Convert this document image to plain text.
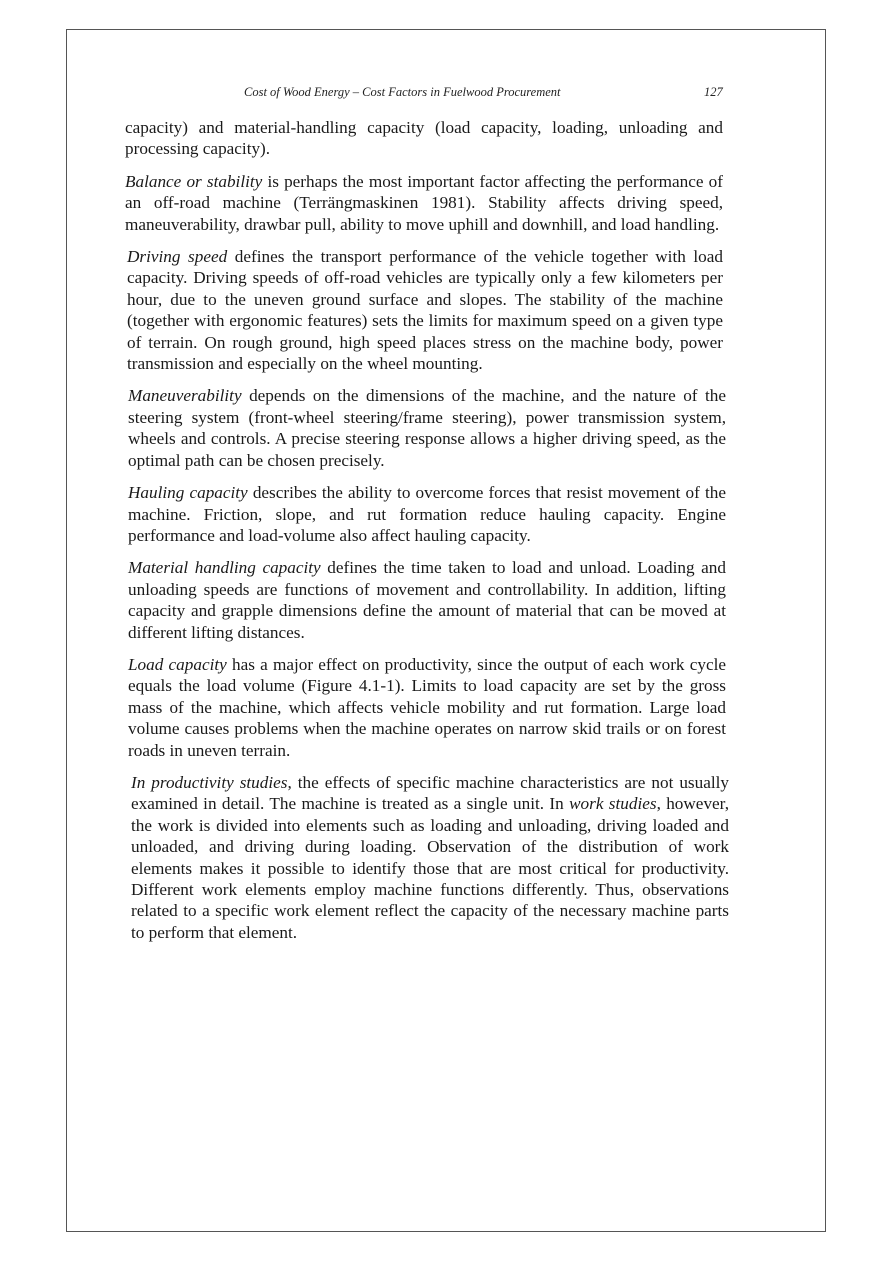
Cost of Wood Energy – Cost Factors in Fuelwood Procurement	127

capacity) and material-handling capacity (load capacity, loading, unloading and processing capacity).

Balance or stability is perhaps the most important factor affecting the performance of an off-road machine (Terrängmaskinen 1981). Stability affects driving speed, maneuverability, drawbar pull, ability to move uphill and downhill, and load handling.

Driving speed defines the transport performance of the vehicle together with load capacity. Driving speeds of off-road vehicles are typically only a few kilometers per hour, due to the uneven ground surface and slopes. The stability of the machine (together with ergonomic features) sets the limits for maximum speed on a given type of terrain. On rough ground, high speed places stress on the machine body, power transmission and especially on the wheel mounting.

Maneuverability depends on the dimensions of the machine, and the nature of the steering system (front-wheel steering/frame steering), power transmission system, wheels and controls. A precise steering response allows a higher driving speed, as the optimal path can be chosen precisely.

Hauling capacity describes the ability to overcome forces that resist movement of the machine. Friction, slope, and rut formation reduce hauling capacity. Engine performance and load-volume also affect hauling capacity.

Material handling capacity defines the time taken to load and unload. Loading and unloading speeds are functions of movement and controllability. In addition, lifting capacity and grapple dimensions define the amount of material that can be moved at different lifting distances.

Load capacity has a major effect on productivity, since the output of each work cycle equals the load volume (Figure 4.1-1). Limits to load capacity are set by the gross mass of the machine, which affects vehicle mobility and rut formation. Large load volume causes problems when the machine operates on narrow skid trails or on forest roads in uneven terrain.

In productivity studies, the effects of specific machine characteristics are not usually examined in detail. The machine is treated as a single unit. In work studies, however, the work is divided into elements such as loading and unloading, driving loaded and unloaded, and driving during loading. Observation of the distribution of work elements makes it possible to identify those that are most critical for productivity. Different work elements employ machine functions differently. Thus, observations related to a specific work element reflect the capacity of the necessary machine parts to perform that element.
